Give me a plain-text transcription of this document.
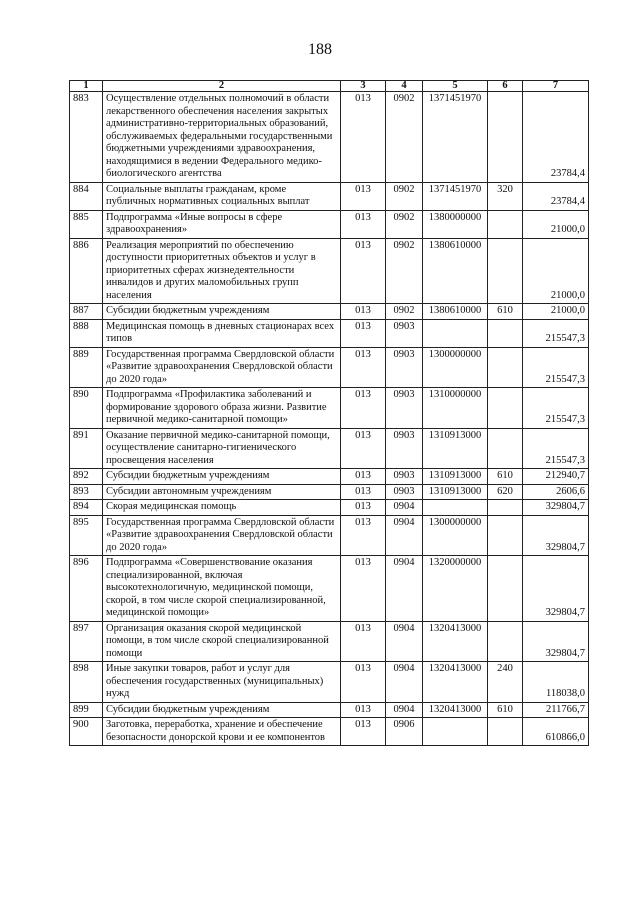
188
1	2	3	4	5	6	7
883	Осуществление отдельных полномочий в области лекарственного обеспечения населения закрытых административно-территориальных образований, обслуживаемых федеральными государственными бюджетными учреждениями здравоохранения, находящимися в ведении Федерального медико-биологического агентства	013	0902	1371451970		23784,4
884	Социальные выплаты гражданам, кроме публичных нормативных социальных выплат	013	0902	1371451970	320	23784,4
885	Подпрограмма «Иные вопросы в сфере здравоохранения»	013	0902	1380000000		21000,0
886	Реализация мероприятий по обеспечению доступности приоритетных объектов и услуг в приоритетных сферах жизнедеятельности инвалидов и других маломобильных групп населения	013	0902	1380610000		21000,0
887	Субсидии бюджетным учреждениям	013	0902	1380610000	610	21000,0
888	Медицинская помощь в дневных стационарах всех типов	013	0903			215547,3
889	Государственная программа Свердловской области «Развитие здравоохранения Свердловской области до 2020 года»	013	0903	1300000000		215547,3
890	Подпрограмма «Профилактика заболеваний и формирование здорового образа жизни. Развитие первичной медико-санитарной помощи»	013	0903	1310000000		215547,3
891	Оказание первичной медико-санитарной помощи, осуществление санитарно-гигиенического просвещения населения	013	0903	1310913000		215547,3
892	Субсидии бюджетным учреждениям	013	0903	1310913000	610	212940,7
893	Субсидии автономным учреждениям	013	0903	1310913000	620	2606,6
894	Скорая медицинская помощь	013	0904			329804,7
895	Государственная программа Свердловской области «Развитие здравоохранения Свердловской области до 2020 года»	013	0904	1300000000		329804,7
896	Подпрограмма «Совершенствование оказания специализированной, включая высокотехнологичную, медицинской помощи, скорой, в том числе скорой специализированной, медицинской помощи»	013	0904	1320000000		329804,7
897	Организация оказания скорой медицинской помощи, в том числе скорой специализированной помощи	013	0904	1320413000		329804,7
898	Иные закупки товаров, работ и услуг для обеспечения государственных (муниципальных) нужд	013	0904	1320413000	240	118038,0
899	Субсидии бюджетным учреждениям	013	0904	1320413000	610	211766,7
900	Заготовка, переработка, хранение и обеспечение безопасности донорской крови и ее компонентов	013	0906			610866,0
